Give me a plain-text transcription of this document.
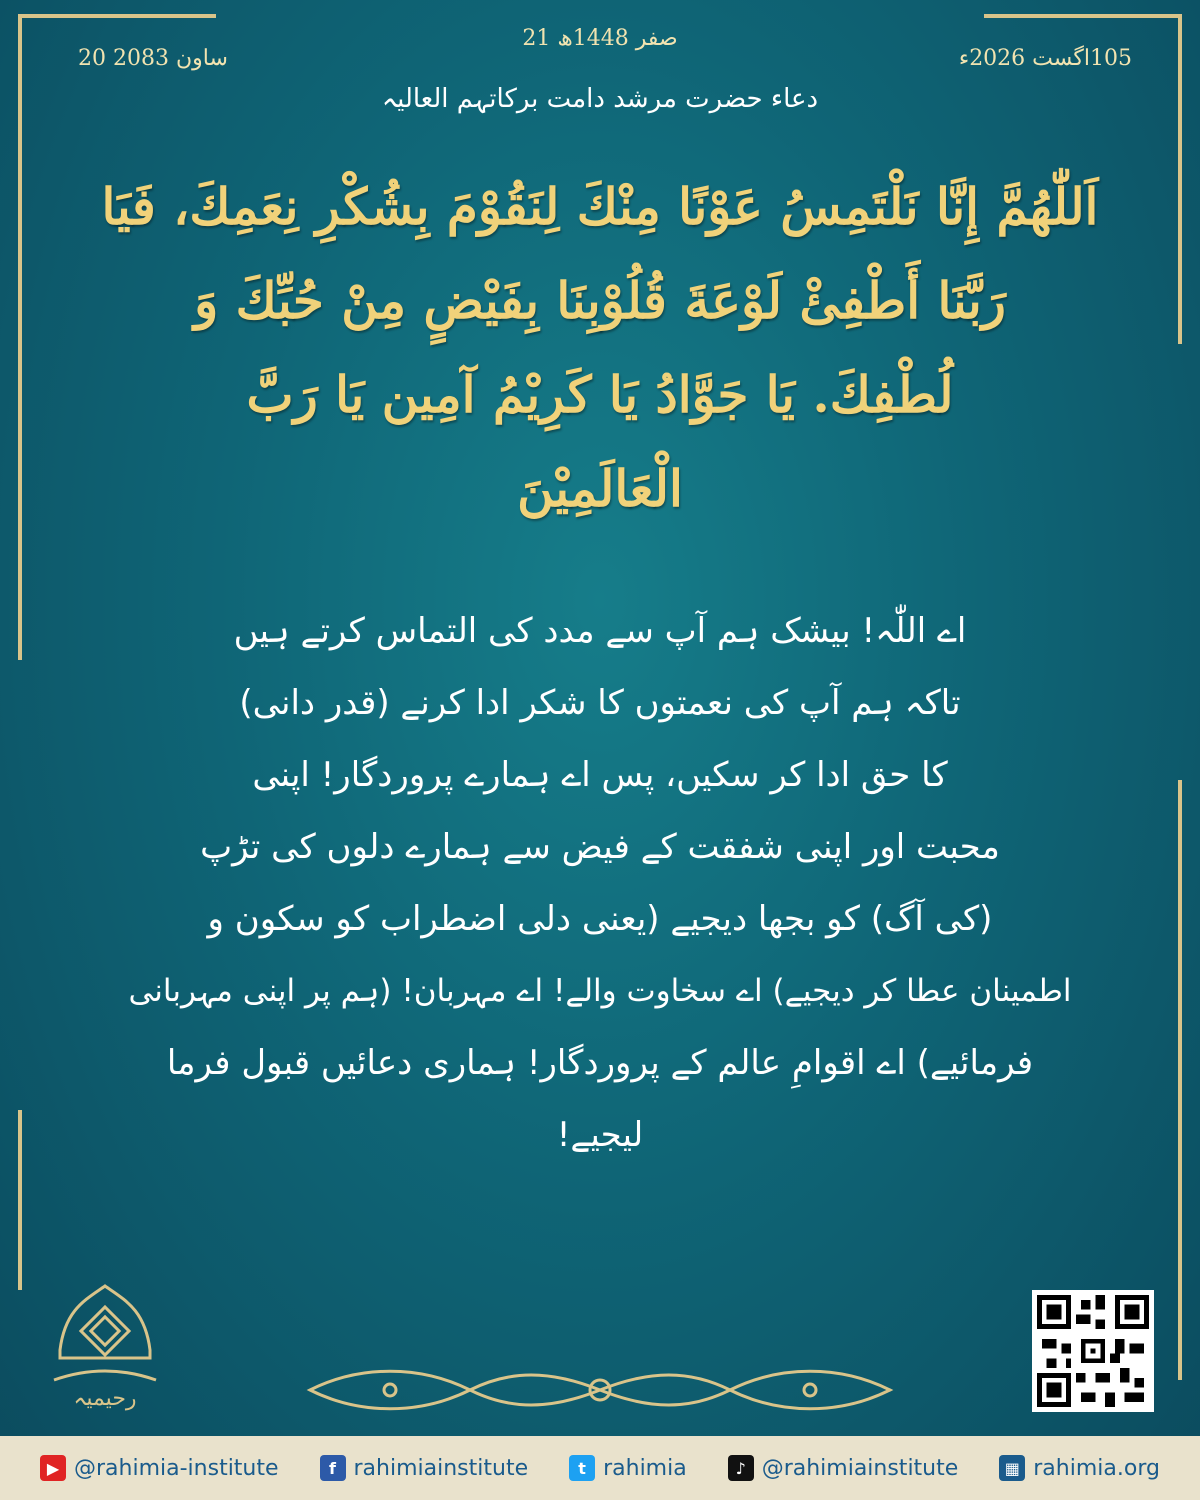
21 صفر 1448ھ
20 ساون 2083	105اگست 2026ء
دعاء حضرت مرشد دامت برکاتہم العالیہ
اَللّٰهُمَّ إِنَّا نَلْتَمِسُ عَوْنًا مِنْكَ لِنَقُوْمَ بِشُكْرِ نِعَمِكَ، فَيَا
رَبَّنَا أَطْفِئْ لَوْعَةَ قُلُوْبِنَا بِفَيْضٍ مِنْ حُبِّكَ وَ
لُطْفِكَ. يَا جَوَّادُ يَا كَرِيْمُ آمِين يَا رَبَّ
الْعَالَمِيْنَ
اے اللّٰہ! بیشک ہم آپ سے مدد کی التماس کرتے ہیں
تاکہ ہم آپ کی نعمتوں کا شکر ادا کرنے (قدر دانی)
کا حق ادا کر سکیں، پس اے ہمارے پروردگار! اپنی
محبت اور اپنی شفقت کے فیض سے ہمارے دلوں کی تڑپ
(کی آگ) کو بجھا دیجیے (یعنی دلی اضطراب کو سکون و
اطمینان عطا کر دیجیے) اے سخاوت والے! اے مہربان! (ہم پر اپنی مہربانی
فرمائیے) اے اقوامِ عالم کے پروردگار! ہماری دعائیں قبول فرما
لیجیے!
رحیمیہ
▶ @rahimia-institute	f rahimiainstitute	t rahimia	♪ @rahimiainstitute	▦ rahimia.org
